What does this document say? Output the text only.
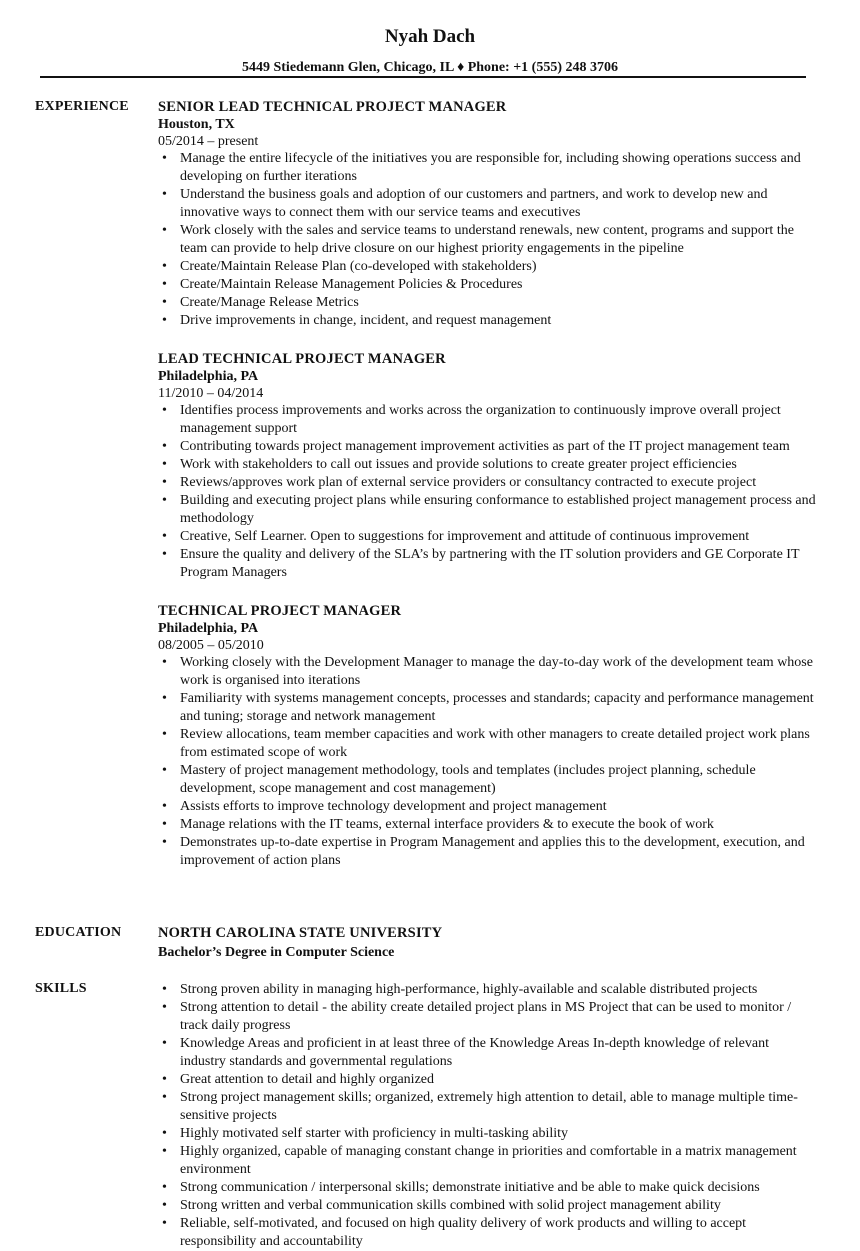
Nyah Dach
5449 Stiedemann Glen, Chicago, IL ♦ Phone: +1 (555) 248 3706
EXPERIENCE SENIOR LEAD TECHNICAL PROJECT MANAGER
Houston, TX
05/2014 – present
• Manage the entire lifecycle of the initiatives you are responsible for, including showing operations success and developing on further iterations
• Understand the business goals and adoption of our customers and partners, and work to develop new and innovative ways to connect them with our service teams and executives
• Work closely with the sales and service teams to understand renewals, new content, programs and support the team can provide to help drive closure on our highest priority engagements in the pipeline
• Create/Maintain Release Plan (co-developed with stakeholders)
• Create/Maintain Release Management Policies & Procedures
• Create/Manage Release Metrics
• Drive improvements in change, incident, and request management
LEAD TECHNICAL PROJECT MANAGER
Philadelphia, PA
11/2010 – 04/2014
• Identifies process improvements and works across the organization to continuously improve overall project management support
• Contributing towards project management improvement activities as part of the IT project management team
• Work with stakeholders to call out issues and provide solutions to create greater project efficiencies
• Reviews/approves work plan of external service providers or consultancy contracted to execute project
• Building and executing project plans while ensuring conformance to established project management process and methodology
• Creative, Self Learner. Open to suggestions for improvement and attitude of continuous improvement
• Ensure the quality and delivery of the SLA’s by partnering with the IT solution providers and GE Corporate IT Program Managers
TECHNICAL PROJECT MANAGER
Philadelphia, PA
08/2005 – 05/2010
• Working closely with the Development Manager to manage the day-to-day work of the development team whose work is organised into iterations
• Familiarity with systems management concepts, processes and standards; capacity and performance management and tuning; storage and network management
• Review allocations, team member capacities and work with other managers to create detailed project work plans from estimated scope of work
• Mastery of project management methodology, tools and templates (includes project planning, schedule development, scope management and cost management)
• Assists efforts to improve technology development and project management
• Manage relations with the IT teams, external interface providers & to execute the book of work
• Demonstrates up-to-date expertise in Program Management and applies this to the development, execution, and improvement of action plans
EDUCATION	NORTH CAROLINA STATE UNIVERSITY
Bachelor’s Degree in Computer Science
SKILLS
•	Strong proven ability in managing high-performance, highly-available and scalable distributed projects
• Strong attention to detail - the ability create detailed project plans in MS Project that can be used to monitor / track daily progress
• Knowledge Areas and proficient in at least three of the Knowledge Areas In-depth knowledge of relevant industry standards and governmental regulations
• Great attention to detail and highly organized
• Strong project management skills; organized, extremely high attention to detail, able to manage multiple time-sensitive projects
• Highly motivated self starter with proficiency in multi-tasking ability
• Highly organized, capable of managing constant change in priorities and comfortable in a matrix management environment
• Strong communication / interpersonal skills; demonstrate initiative and be able to make quick decisions
• Strong written and verbal communication skills combined with solid project management ability
• Reliable, self-motivated, and focused on high quality delivery of work products and willing to accept responsibility and accountability
